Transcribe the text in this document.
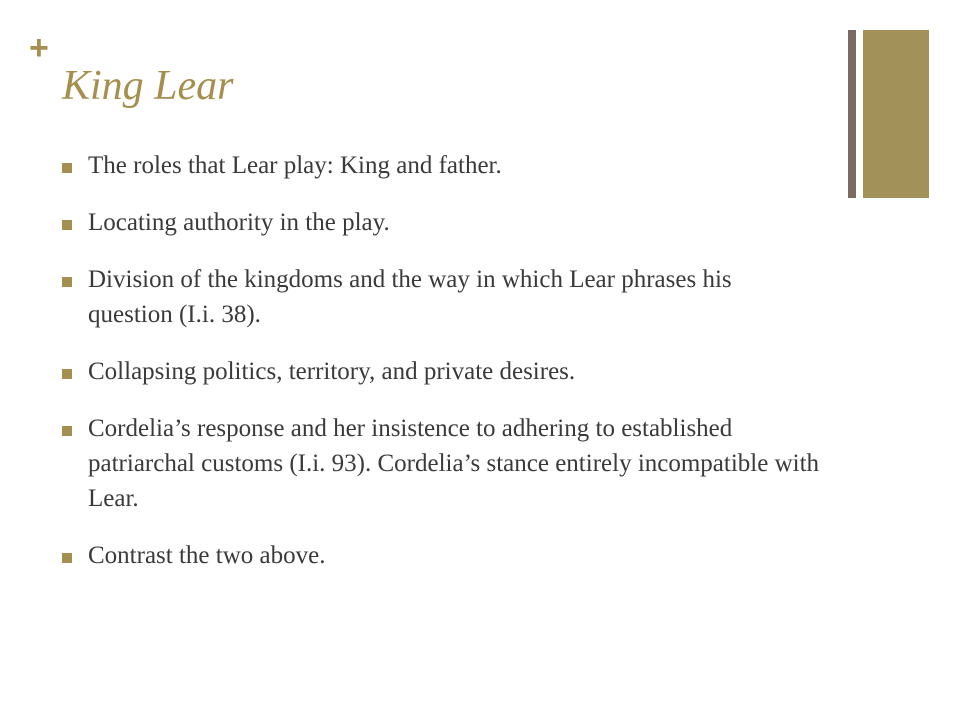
+
King Lear
The roles that Lear play: King and father.
Locating authority in the play.
Division of the kingdoms and the way in which Lear phrases his question (I.i. 38).
Collapsing politics, territory, and private desires.
Cordelia’s response and her insistence to adhering to established patriarchal customs (I.i. 93). Cordelia’s stance entirely incompatible with Lear.
Contrast the two above.
